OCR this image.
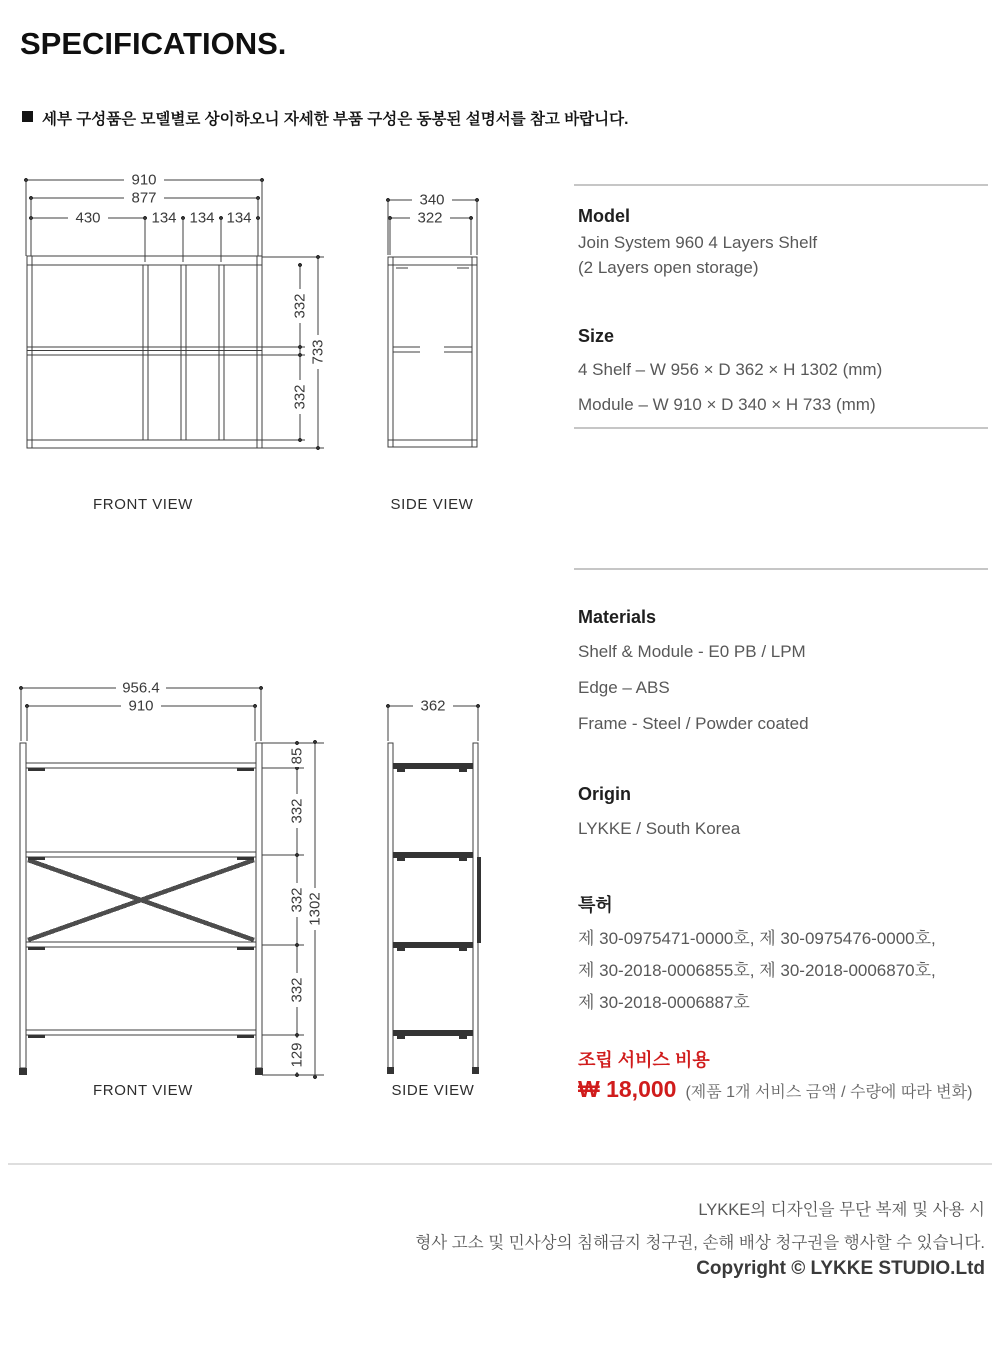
SPECIFICATIONS.
세부 구성품은 모델별로 상이하오니 자세한 부품 구성은 동봉된 설명서를 참고 바랍니다.
910
877
430	134 134 134
332
332
733
340
322
FRONT VIEW	SIDE VIEW
956.4
910
85
332
332
332
129
1302
362
FRONT VIEW	SIDE VIEW
Model
Join System 960 4 Layers Shelf
(2 Layers open storage)
Size
4 Shelf – W 956 × D 362 × H 1302 (mm)
Module – W 910 × D 340 × H 733 (mm)
Materials
Shelf & Module - E0 PB / LPM
Edge – ABS
Frame - Steel / Powder coated
Origin
LYKKE / South Korea
특허
제 30-0975471-0000호, 제 30-0975476-0000호,
제 30-2018-0006855호, 제 30-2018-0006870호,
제 30-2018-0006887호
조립 서비스 비용
₩ 18,000 (제품 1개 서비스 금액 / 수량에 따라 변화)
LYKKE의 디자인을 무단 복제 및 사용 시
형사 고소 및 민사상의 침해금지 청구권, 손해 배상 청구권을 행사할 수 있습니다.
Copyright © LYKKE STUDIO.Ltd
